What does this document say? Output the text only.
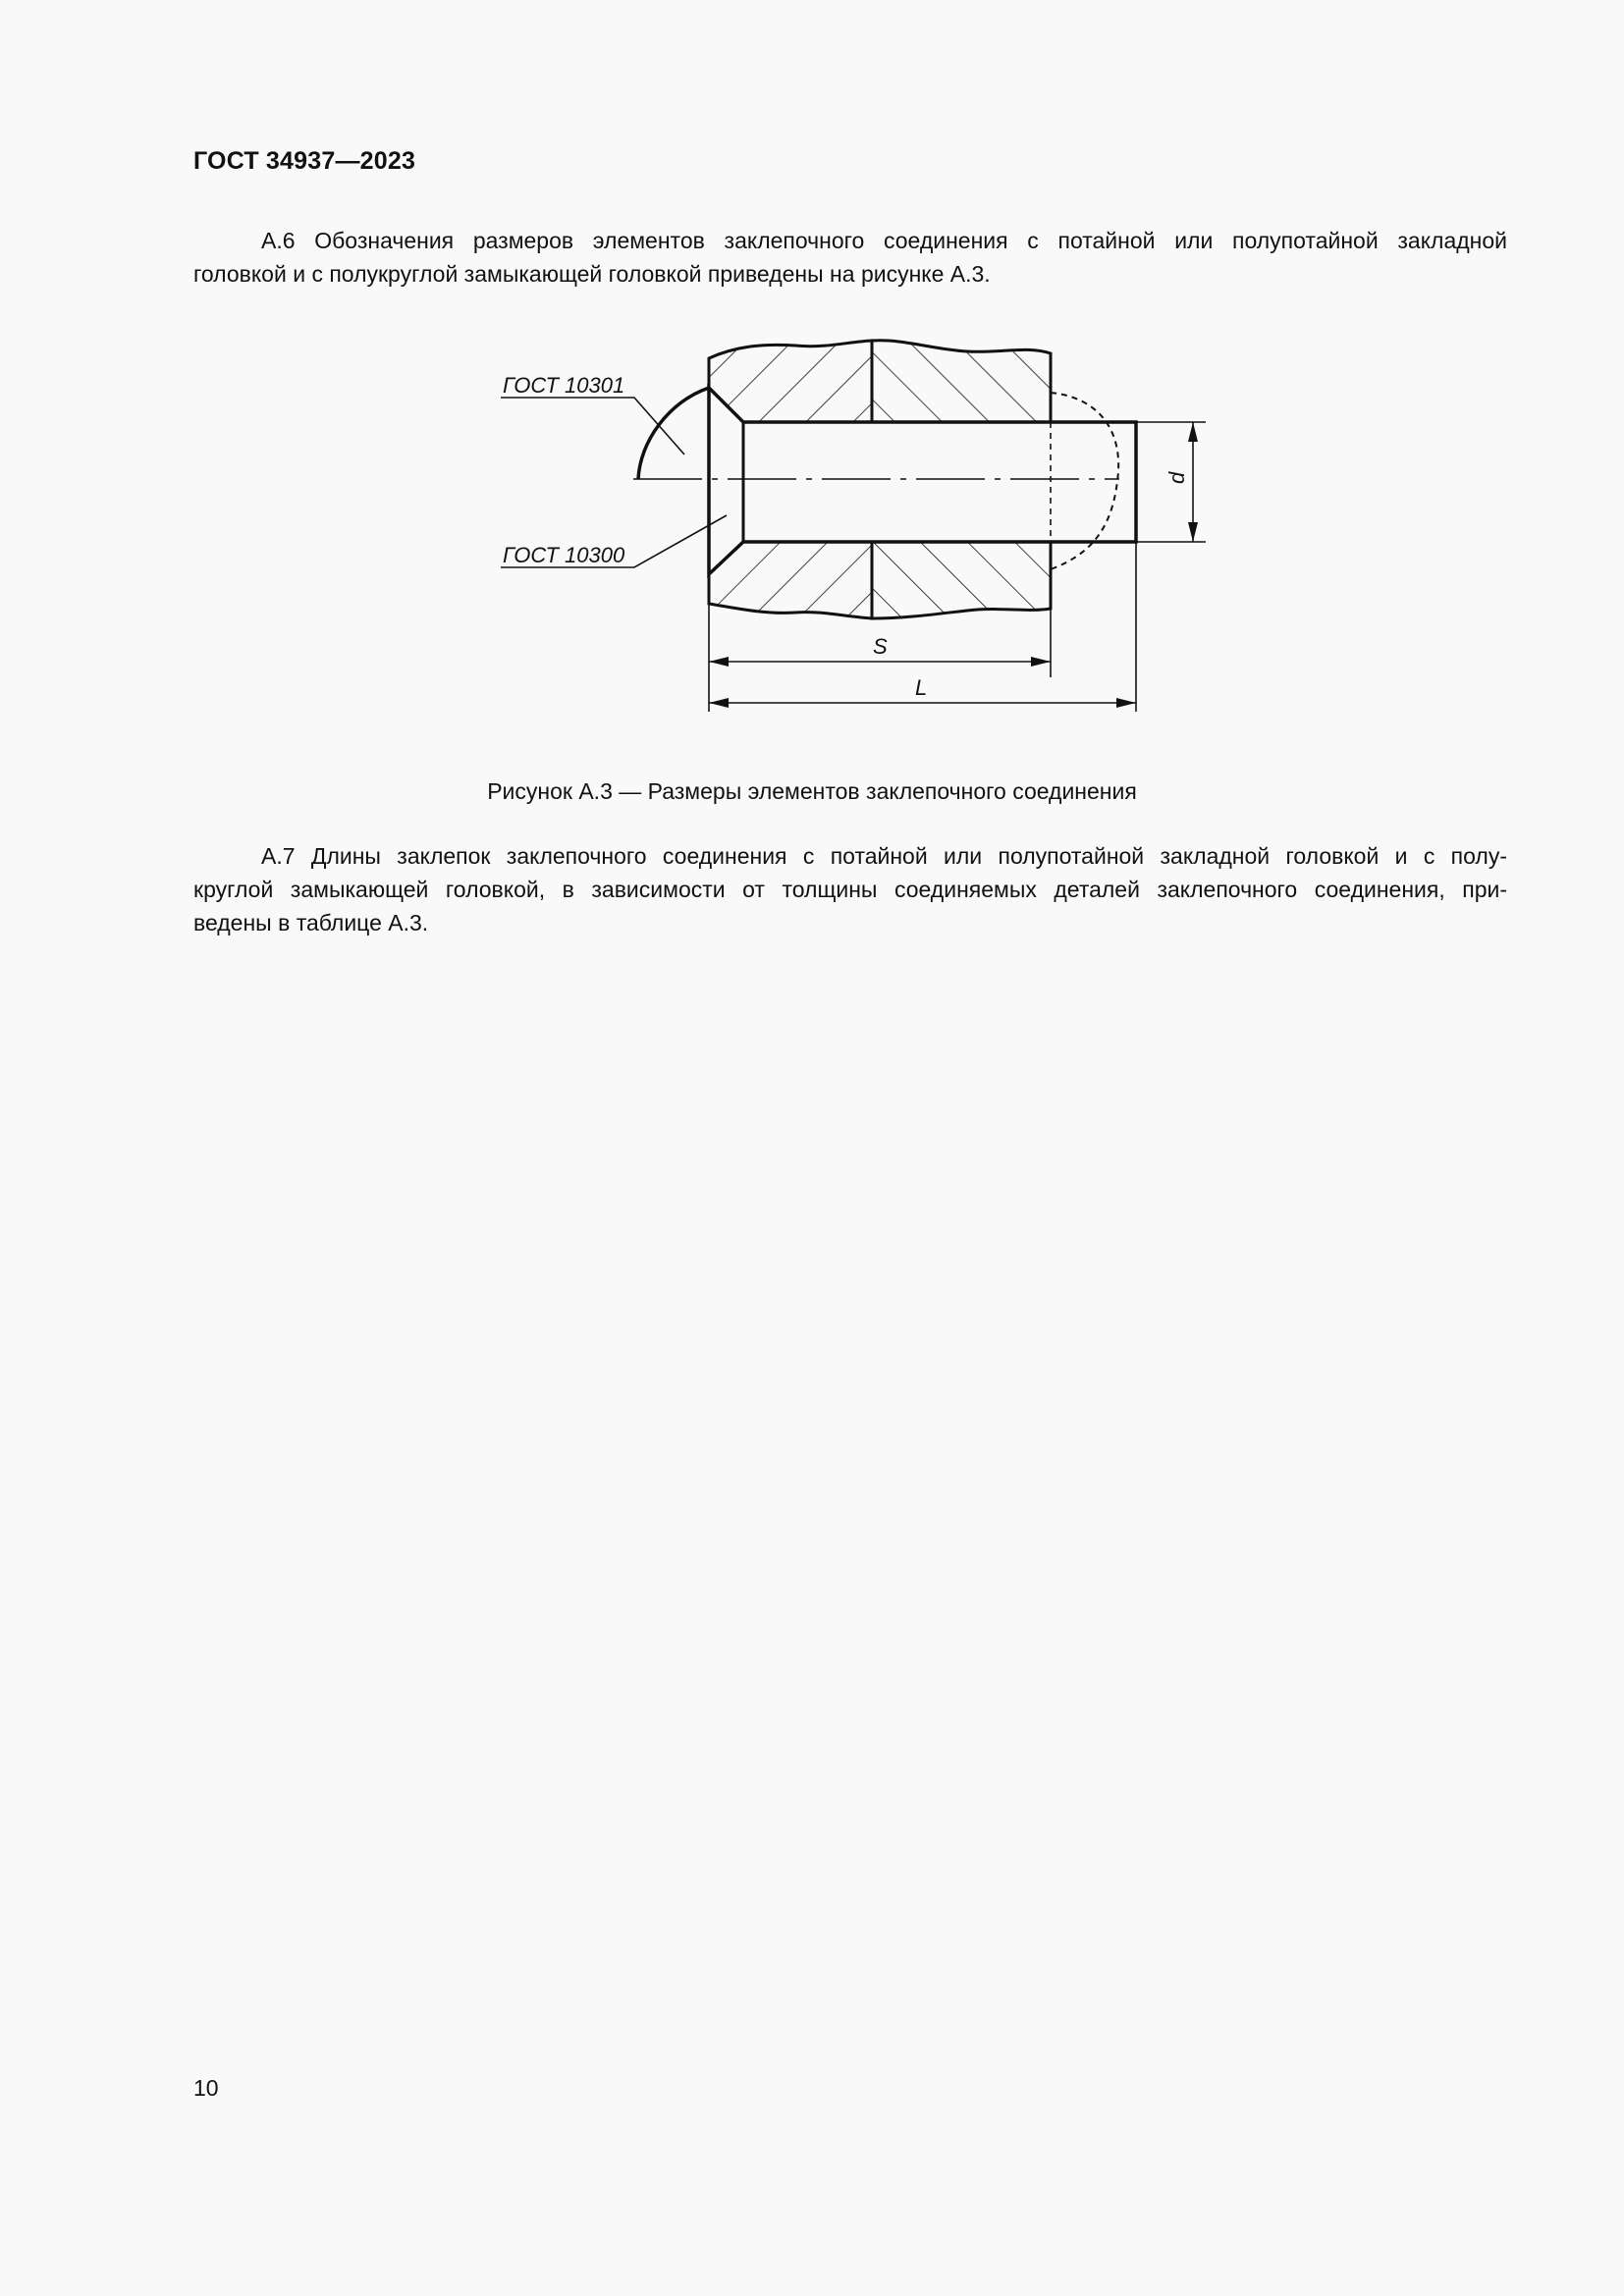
ГОСТ 34937—2023
А.6 Обозначения размеров элементов заклепочного соединения с потайной или полупотайной закладной
головкой и с полукруглой замыкающей головкой приведены на рисунке А.3.
ГОСТ 10301
ГОСТ 10300
S
L
d
Рисунок А.3 — Размеры элементов заклепочного соединения
А.7 Длины заклепок заклепочного соединения с потайной или полупотайной закладной головкой и с полу-
круглой замыкающей головкой, в зависимости от толщины соединяемых деталей заклепочного соединения, при-
ведены в таблице А.3.
10
